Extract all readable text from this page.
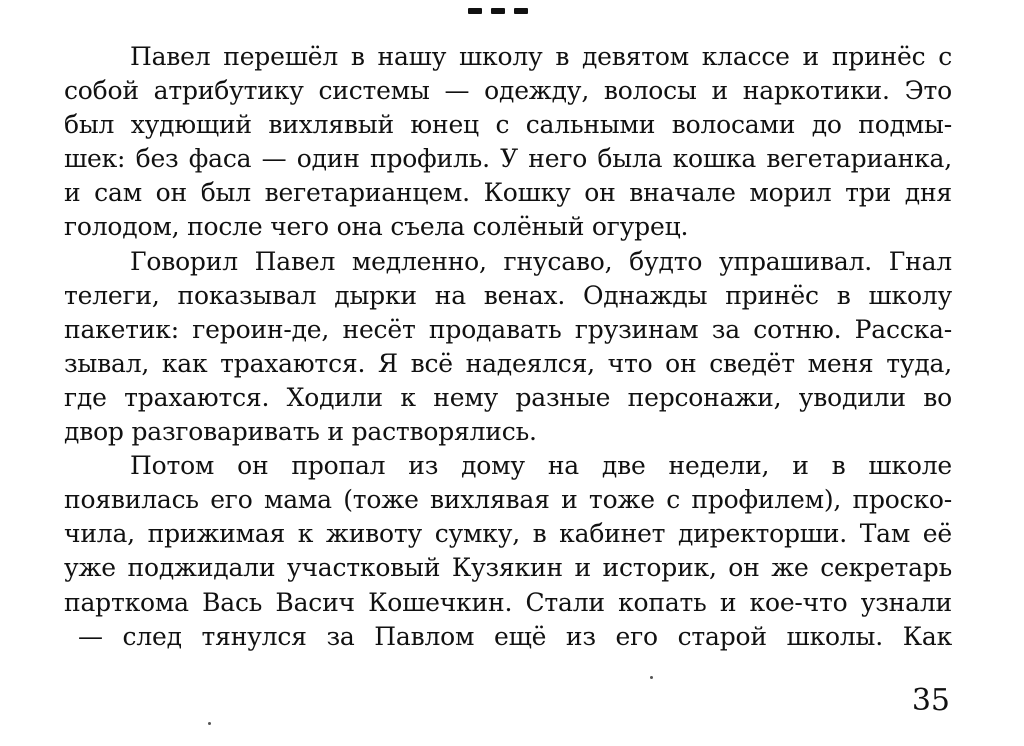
Павел перешёл в нашу школу в девятом классе и принёс с
собой атрибутику системы — одежду, волосы и наркотики. Это
был худющий вихлявый юнец с сальными волосами до подмы-
шек: без фаса — один профиль. У него была кошка вегетарианка,
и сам он был вегетарианцем. Кошку он вначале морил три дня
голодом, после чего она съела солёный огурец.
Говорил Павел медленно, гнусаво, будто упрашивал. Гнал
телеги, показывал дырки на венах. Однажды принёс в школу
пакетик: героин-де, несёт продавать грузинам за сотню. Расска-
зывал, как трахаются. Я всё надеялся, что он сведёт меня туда,
где трахаются. Ходили к нему разные персонажи, уводили во
двор разговаривать и растворялись.
Потом он пропал из дому на две недели, и в школе
появилась его мама (тоже вихлявая и тоже с профилем), проско-
чила, прижимая к животу сумку, в кабинет директорши. Там её
уже поджидали участковый Кузякин и историк, он же секретарь
парткома Вась Васич Кошечкин. Стали копать и кое-что узнали
— след тянулся за Павлом ещё из его старой школы. Как
35
